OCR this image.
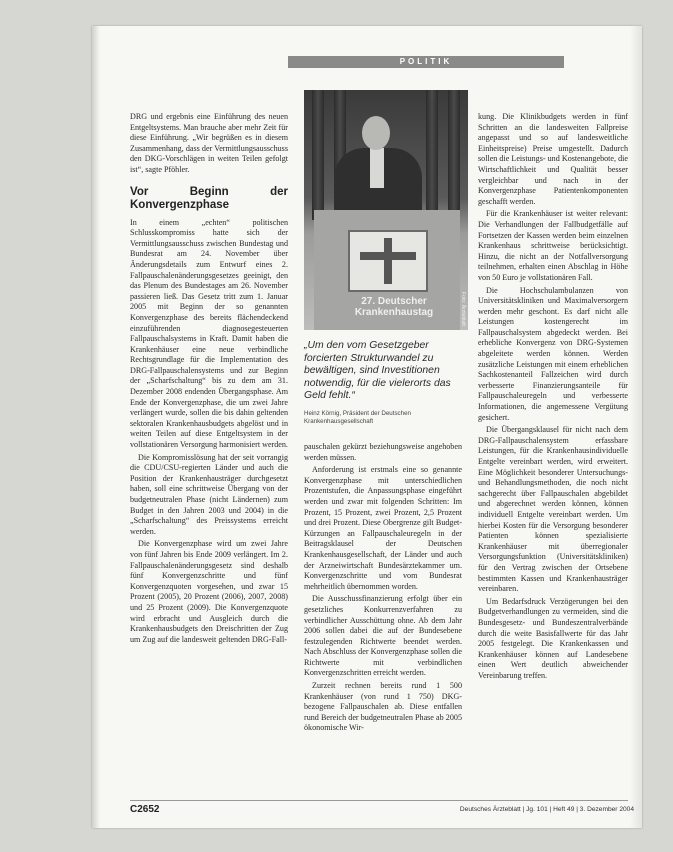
POLITIK

DRG und ergebnis eine Einführung des neuen Entgeltsystems. Man brauche aber mehr Zeit für diese Einführung. „Wir begrüßen es in diesem Zusammenhang, dass der Vermittlungsausschuss den DKG-Vorschlägen in weiten Teilen gefolgt ist“, sagte Pföhler.

Vor Beginn der Konvergenzphase

In einem „echten“ politischen Schlusskompromiss hatte sich der Vermittlungsausschuss zwischen Bundestag und Bundesrat am 24. November über Änderungsdetails zum Entwurf eines 2. Fallpauschalenänderungsgesetzes geeinigt, den das Plenum des Bundestages am 26. November passieren ließ. Das Gesetz tritt zum 1. Januar 2005 mit Beginn der so genannten Konvergenzphase des bereits flächendeckend einzuführenden diagnosegesteuerten Fallpauschalsystems in Kraft. Damit haben die Krankenhäuser eine neue verbindliche Rechtsgrundlage für die Implementation des DRG-Fallpauschalensystems und zur Beginn der „Scharfschaltung“ bis zu dem am 31. Dezember 2008 endenden Übergangsphase. Am Ende der Konvergenzphase, die um zwei Jahre verlängert wurde, sollen die bis dahin geltenden sektoralen Krankenhausbudgets abgelöst und in weiten Teilen auf diese Entgeltsystem in der vollstationären Versorgung harmonisiert werden.

Die Kompromisslösung hat der seit vorrangig die CDU/CSU-regierten Länder und auch die Position der Krankenhausträger durchgesetzt haben, soll eine schrittweise Übergang von der budgetneutralen Phase (nicht Ländernen) zum Budget in den Jahren 2003 und 2004) in die „Scharfschaltung“ des Preissystems erreicht werden.

Die Konvergenzphase wird um zwei Jahre von fünf Jahren bis Ende 2009 verlängert. Im 2. Fallpauschalenänderungsgesetz sind deshalb fünf Konvergenzschritte und fünf Konvergenzquoten vorgesehen, und zwar 15 Prozent (2005), 20 Prozent (2006), 2007, 2008) und 25 Prozent (2009). Die Konvergenzquote wird erbracht und Ausgleich durch die Krankenhausbudgets den Dreischritten der Zug um Zug auf die landesweit geltenden DRG-Fall-

27. Deutscher
Krankenhaustag	Foto: Ärzteblatt
„Um den vom Gesetzgeber forcierten Strukturwandel zu bewältigen, sind Investitionen notwendig, für die vielerorts das Geld fehlt.“
Heinz Körnig, Präsident der Deutschen Krankenhausgesellschaft

pauschalen gekürzt beziehungsweise angehoben werden müssen.

Anforderung ist erstmals eine so genannte Konvergenzphase mit unterschiedlichen Prozentstufen, die Anpassungsphase eingeführt werden und zwar mit folgenden Schritten: Im Prozent, 15 Prozent, zwei Prozent, 2,5 Prozent und drei Prozent. Diese Obergrenze gilt Budget-Kürzungen an Fallpauschaleuregeln in der Beitragsklausel der Deutschen Krankenhausgesellschaft, der Länder und auch der Arzneiwirtschaft Bundesärztekammer um. Konvergenzschritte und vom Bundesrat mehrheitlich übernommen worden.

Die Ausschussfinanzierung erfolgt über ein gesetzliches Konkurrenzverfahren zu verbindlicher Ausschüttung ohne. Ab dem Jahr 2006 sollen dabei die auf der Bundesebene festzulegenden Richtwerte beendet werden. Nach Abschluss der Konvergenzphase sollen die Richtwerte mit verbindlichen Konvergenzschritten erreicht werden.

Zurzeit rechnen bereits rund 1 500 Krankenhäuser (von rund 1 750) DKG-bezogene Fallpauschalen ab. Diese entfallen rund Bereich der budgetneutralen Phase ab 2005 ökonomische Wir-

kung. Die Klinikbudgets werden in fünf Schritten an die landesweiten Fallpreise angepasst und so auf landesweitliche Einheitspreise) Preise umgestellt. Dadurch sollen die Leistungs- und Kostenangebote, die Wirtschaftlichkeit und Qualität besser vergleichbar und nach in der Konvergenzphase Patientenkomponenten geschafft werden.

Für die Krankenhäuser ist weiter relevant: Die Verhandlungen der Fallbudgetfälle auf Fortsetzen der Kassen werden beim einzelnen Krankenhaus schrittweise berücksichtigt. Hinzu, die nicht an der Notfallversorgung teilnehmen, erhalten einen Abschlag in Höhe von 50 Euro je vollstationären Fall.

Die Hochschulambulanzen von Universitätskliniken und Maximalversorgern werden mehr geschont. Es darf nicht alle Leistungen kostengerecht im Fallpauschalsystem abgedeckt werden. Bei erhebliche Konvergenz von DRG-Systemen abgeleitete werden können. Werden zusätzliche Leistungen mit einem erheblichen Sachkostenanteil Fallzeichen wird durch verbesserte Finanzierungsanteile für Fallpauschaleuregeln und verbesserte Informationen, die angemessene Vergütung gesichert.

Die Übergangsklausel für nicht nach dem DRG-Fallpauschalensystem erfassbare Leistungen, für die Krankenhausindividuelle Entgelte vereinbart werden, wird erweitert. Eine Möglichkeit besonderer Untersuchungs- und Behandlungsmethoden, die noch nicht sachgerecht über Fallpauschalen abgebildet und abgerechnet werden können, können individuell Entgelte vereinbart werden. Um hierbei Kosten für die Versorgung besonderer Patienten können spezialisierte Krankenhäuser mit überregionaler Versorgungsfunktion (Universitätskliniken) für den Vertrag zwischen der Ortsebene bestimmten Kassen und Krankenhausträger vereinbaren.

Um Bedarfsdruck Verzögerungen bei den Budgetverhandlungen zu vermeiden, sind die Bundesgesetz- und Bundeszentralverbände durch die weite Basisfallwerte für das Jahr 2005 festgelegt. Die Krankenkassen und Krankenhäuser können auf Landesebene einen Wert deutlich abweichender Vereinbarung treffen.

C2652	Deutsches Ärzteblatt | Jg. 101 | Heft 49 | 3. Dezember 2004
